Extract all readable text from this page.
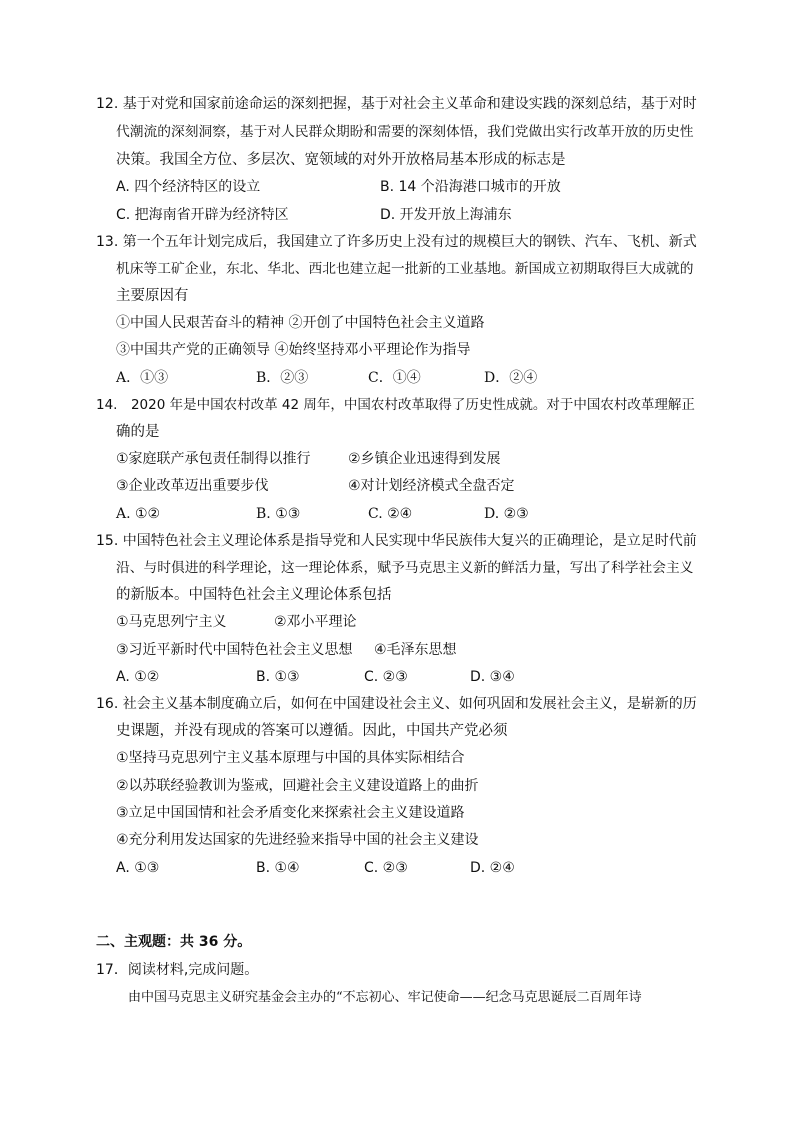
12. 基于对党和国家前途命运的深刻把握，基于对社会主义革命和建设实践的深刻总结，基于对时
代潮流的深刻洞察，基于对人民群众期盼和需要的深刻体悟，我们党做出实行改革开放的历史性
决策。我国全方位、多层次、宽领域的对外开放格局基本形成的标志是
A. 四个经济特区的设立	B. 14 个沿海港口城市的开放
C. 把海南省开辟为经济特区	D. 开发开放上海浦东
13. 第一个五年计划完成后，我国建立了许多历史上没有过的规模巨大的钢铁、汽车、飞机、新式
机床等工矿企业，东北、华北、西北也建立起一批新的工业基地。新国成立初期取得巨大成就的
主要原因有
①中国人民艰苦奋斗的精神 ②开创了中国特色社会主义道路
③中国共产党的正确领导 ④始终坚持邓小平理论作为指导
A．①③	B．②③	C．①④	D．②④
14.　2020 年是中国农村改革 42 周年，中国农村改革取得了历史性成就。对于中国农村改革理解正
确的是
①家庭联产承包责任制得以推行	②乡镇企业迅速得到发展
③企业改革迈出重要步伐	④对计划经济模式全盘否定
A. ①②	B. ①③	C. ②④	D. ②③
15. 中国特色社会主义理论体系是指导党和人民实现中华民族伟大复兴的正确理论，是立足时代前
沿、与时俱进的科学理论，这一理论体系，赋予马克思主义新的鲜活力量，写出了科学社会主义
的新版本。中国特色社会主义理论体系包括
①马克思列宁主义	②邓小平理论
③习近平新时代中国特色社会主义思想 ④毛泽东思想
A. ①②	B. ①③	C. ②③	D. ③④
16. 社会主义基本制度确立后，如何在中国建设社会主义、如何巩固和发展社会主义，是崭新的历
史课题，并没有现成的答案可以遵循。因此，中国共产党必须
①坚持马克思列宁主义基本原理与中国的具体实际相结合
②以苏联经验教训为鉴戒，回避社会主义建设道路上的曲折
③立足中国国情和社会矛盾变化来探索社会主义建设道路
④充分利用发达国家的先进经验来指导中国的社会主义建设
A. ①③	B. ①④	C. ②③	D. ②④
二、主观题：共 36 分。
17．阅读材料,完成问题。
由中国马克思主义研究基金会主办的“不忘初心、牢记使命——纪念马克思诞辰二百周年诗
